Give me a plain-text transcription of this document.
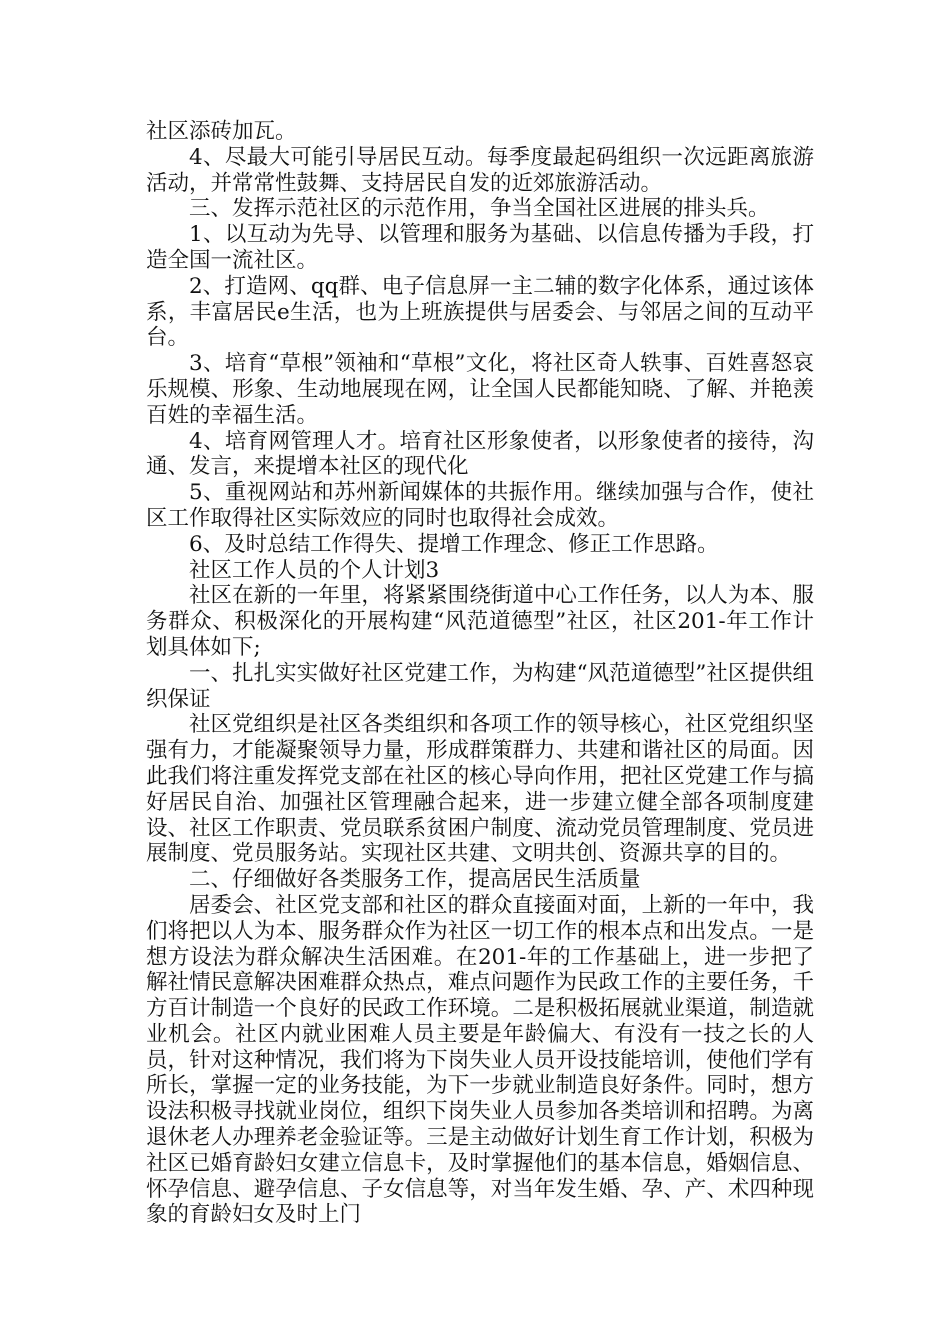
社区添砖加瓦。

4、尽最大可能引导居民互动。每季度最起码组织一次远距离旅游活动，并常常性鼓舞、支持居民自发的近郊旅游活动。

三、发挥示范社区的示范作用，争当全国社区进展的排头兵。

1、以互动为先导、以管理和服务为基础、以信息传播为手段，打造全国一流社区。

2、打造网、qq群、电子信息屏一主二辅的数字化体系，通过该体系，丰富居民e生活，也为上班族提供与居委会、与邻居之间的互动平台。

3、培育“草根”领袖和“草根”文化，将社区奇人轶事、百姓喜怒哀乐规模、形象、生动地展现在网，让全国人民都能知晓、了解、并艳羡百姓的幸福生活。

4、培育网管理人才。培育社区形象使者，以形象使者的接待，沟通、发言，来提增本社区的现代化

5、重视网站和苏州新闻媒体的共振作用。继续加强与合作，使社区工作取得社区实际效应的同时也取得社会成效。

6、及时总结工作得失、提增工作理念、修正工作思路。

社区工作人员的个人计划3

社区在新的一年里，将紧紧围绕街道中心工作任务，以人为本、服务群众、积极深化的开展构建“风范道德型”社区，社区201-年工作计划具体如下;

一、扎扎实实做好社区党建工作，为构建“风范道德型”社区提供组织保证

社区党组织是社区各类组织和各项工作的领导核心，社区党组织坚强有力，才能凝聚领导力量，形成群策群力、共建和谐社区的局面。因此我们将注重发挥党支部在社区的核心导向作用，把社区党建工作与搞好居民自治、加强社区管理融合起来，进一步建立健全部各项制度建设、社区工作职责、党员联系贫困户制度、流动党员管理制度、党员进展制度、党员服务站。实现社区共建、文明共创、资源共享的目的。

二、仔细做好各类服务工作，提高居民生活质量

居委会、社区党支部和社区的群众直接面对面，上新的一年中，我们将把以人为本、服务群众作为社区一切工作的根本点和出发点。一是想方设法为群众解决生活困难。在201-年的工作基础上，进一步把了解社情民意解决困难群众热点，难点问题作为民政工作的主要任务，千方百计制造一个良好的民政工作环境。二是积极拓展就业渠道，制造就业机会。社区内就业困难人员主要是年龄偏大、有没有一技之长的人员，针对这种情况，我们将为下岗失业人员开设技能培训，使他们学有所长，掌握一定的业务技能，为下一步就业制造良好条件。同时，想方设法积极寻找就业岗位，组织下岗失业人员参加各类培训和招聘。为离退休老人办理养老金验证等。三是主动做好计划生育工作计划，积极为社区已婚育龄妇女建立信息卡，及时掌握他们的基本信息，婚姻信息、怀孕信息、避孕信息、子女信息等，对当年发生婚、孕、产、术四种现象的育龄妇女及时上门
